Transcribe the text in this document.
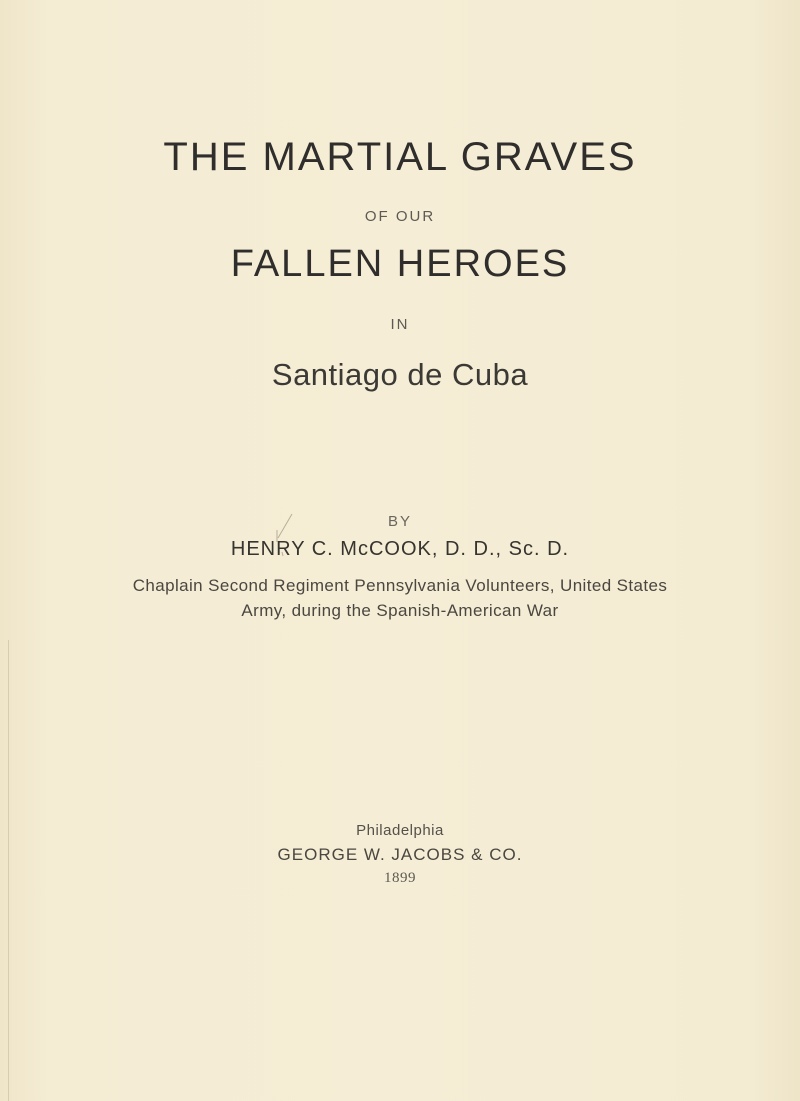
THE MARTIAL GRAVES
OF OUR
FALLEN HEROES
IN
Santiago de Cuba
BY
HENRY C. McCOOK, D. D., Sc. D.
Chaplain Second Regiment Pennsylvania Volunteers, United States
Army, during the Spanish-American War
Philadelphia
GEORGE W. JACOBS & CO.
1899
